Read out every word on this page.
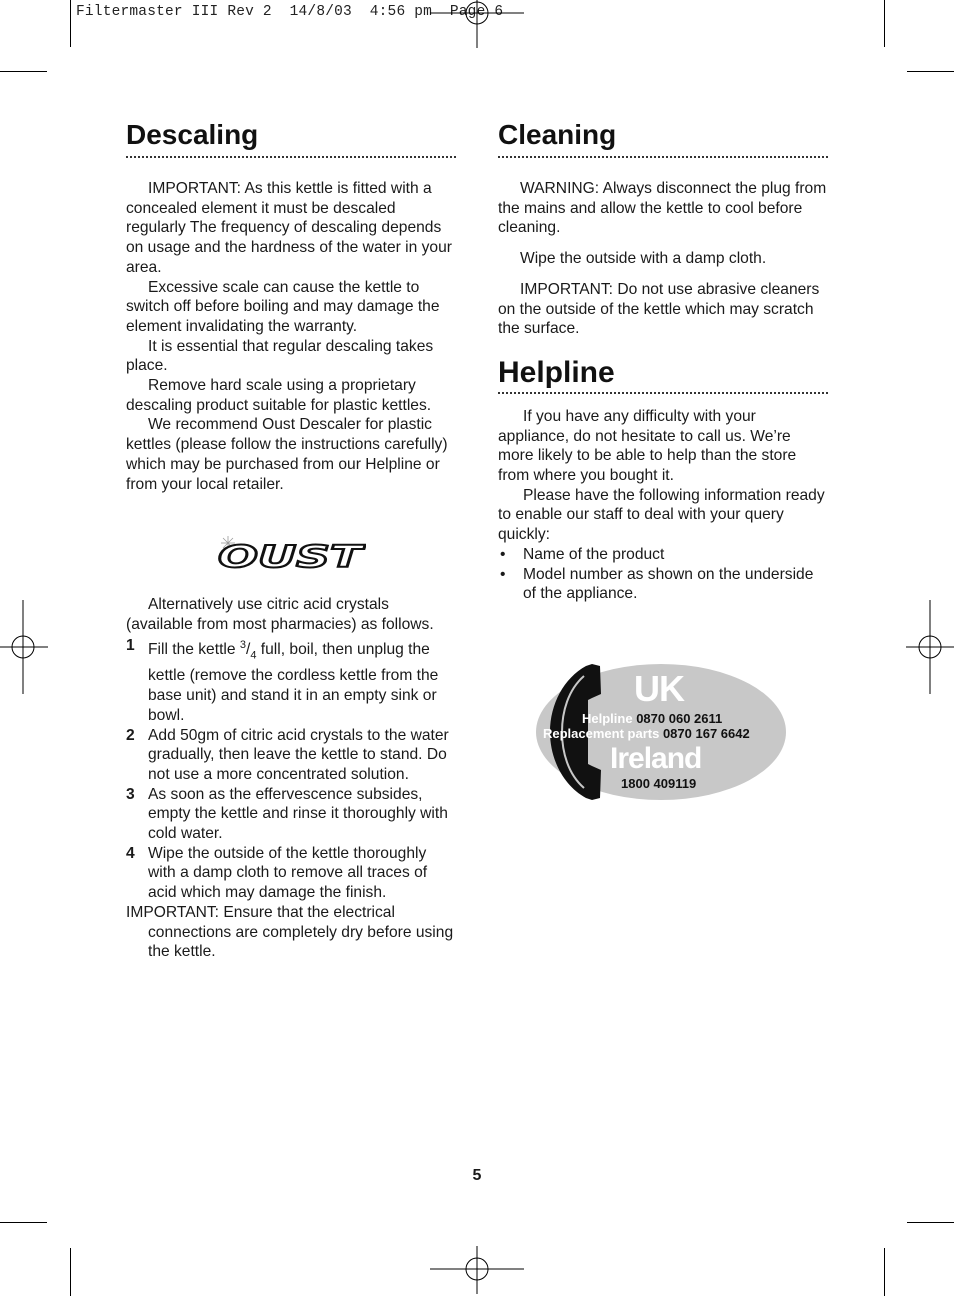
Filtermaster III Rev 2  14/8/03  4:56 pm  Page 6
Descaling

IMPORTANT: As this kettle is fitted with a concealed element it must be descaled regularly The frequency of descaling depends on usage and the hardness of the water in your area.

Excessive scale can cause the kettle to switch off before boiling and may damage the element invalidating the warranty.

It is essential that regular descaling takes place.

Remove hard scale using a proprietary descaling product suitable for plastic kettles.

We recommend Oust Descaler for plastic kettles (please follow the instructions carefully) which may be purchased from our Helpline or from your local retailer.

OUST

Alternatively use citric acid crystals (available from most pharmacies) as follows.

1 Fill the kettle $^3/_4$ full, boil, then unplug the kettle (remove the cordless kettle from the base unit) and stand it in an empty sink or bowl.
2 Add 50gm of citric acid crystals to the water gradually, then leave the kettle to stand. Do not use a more concentrated solution.
3 As soon as the effervescence subsides, empty the kettle and rinse it thoroughly with cold water.
4 Wipe the outside of the kettle thoroughly with a damp cloth to remove all traces of acid which may damage the finish.

IMPORTANT: Ensure that the electrical connections are completely dry before using the kettle.

Cleaning

WARNING: Always disconnect the plug from the mains and allow the kettle to cool before cleaning.

Wipe the outside with a damp cloth.

IMPORTANT: Do not use abrasive cleaners on the outside of the kettle which may scratch the surface.

Helpline

If you have any difficulty with your appliance, do not hesitate to call us. We’re more likely to be able to help than the store from where you bought it.

Please have the following information ready to enable our staff to deal with your query quickly:

• Name of the product
• Model number as shown on the underside of the appliance.
UK
Helpline 0870 060 2611
Replacement parts 0870 167 6642
Ireland
1800 409119
5
